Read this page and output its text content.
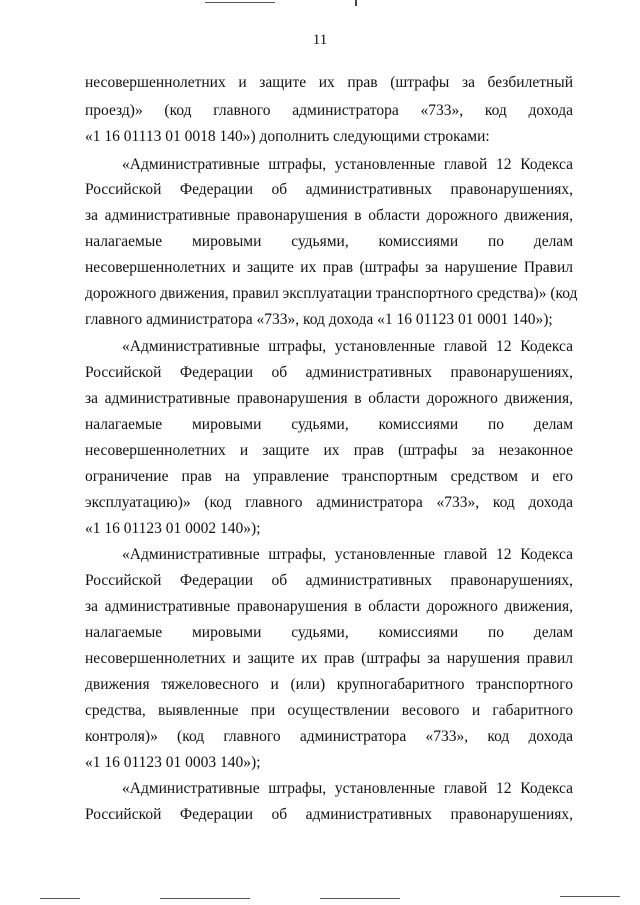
11
несовершеннолетних и защите их прав (штрафы за безбилетный
проезд)» (код главного администратора «733», код дохода
«1 16 01113 01 0018 140») дополнить следующими строками:
«Административные штрафы, установленные главой 12 Кодекса
Российской Федерации об административных правонарушениях,
за административные правонарушения в области дорожного движения,
налагаемые мировыми судьями, комиссиями по делам
несовершеннолетних и защите их прав (штрафы за нарушение Правил
дорожного движения, правил эксплуатации транспортного средства)» (код
главного администратора «733», код дохода «1 16 01123 01 0001 140»);
«Административные штрафы, установленные главой 12 Кодекса
Российской Федерации об административных правонарушениях,
за административные правонарушения в области дорожного движения,
налагаемые мировыми судьями, комиссиями по делам
несовершеннолетних и защите их прав (штрафы за незаконное
ограничение прав на управление транспортным средством и его
эксплуатацию)» (код главного администратора «733», код дохода
«1 16 01123 01 0002 140»);
«Административные штрафы, установленные главой 12 Кодекса
Российской Федерации об административных правонарушениях,
за административные правонарушения в области дорожного движения,
налагаемые мировыми судьями, комиссиями по делам
несовершеннолетних и защите их прав (штрафы за нарушения правил
движения тяжеловесного и (или) крупногабаритного транспортного
средства, выявленные при осуществлении весового и габаритного
контроля)» (код главного администратора «733», код дохода
«1 16 01123 01 0003 140»);
«Административные штрафы, установленные главой 12 Кодекса
Российской Федерации об административных правонарушениях,
